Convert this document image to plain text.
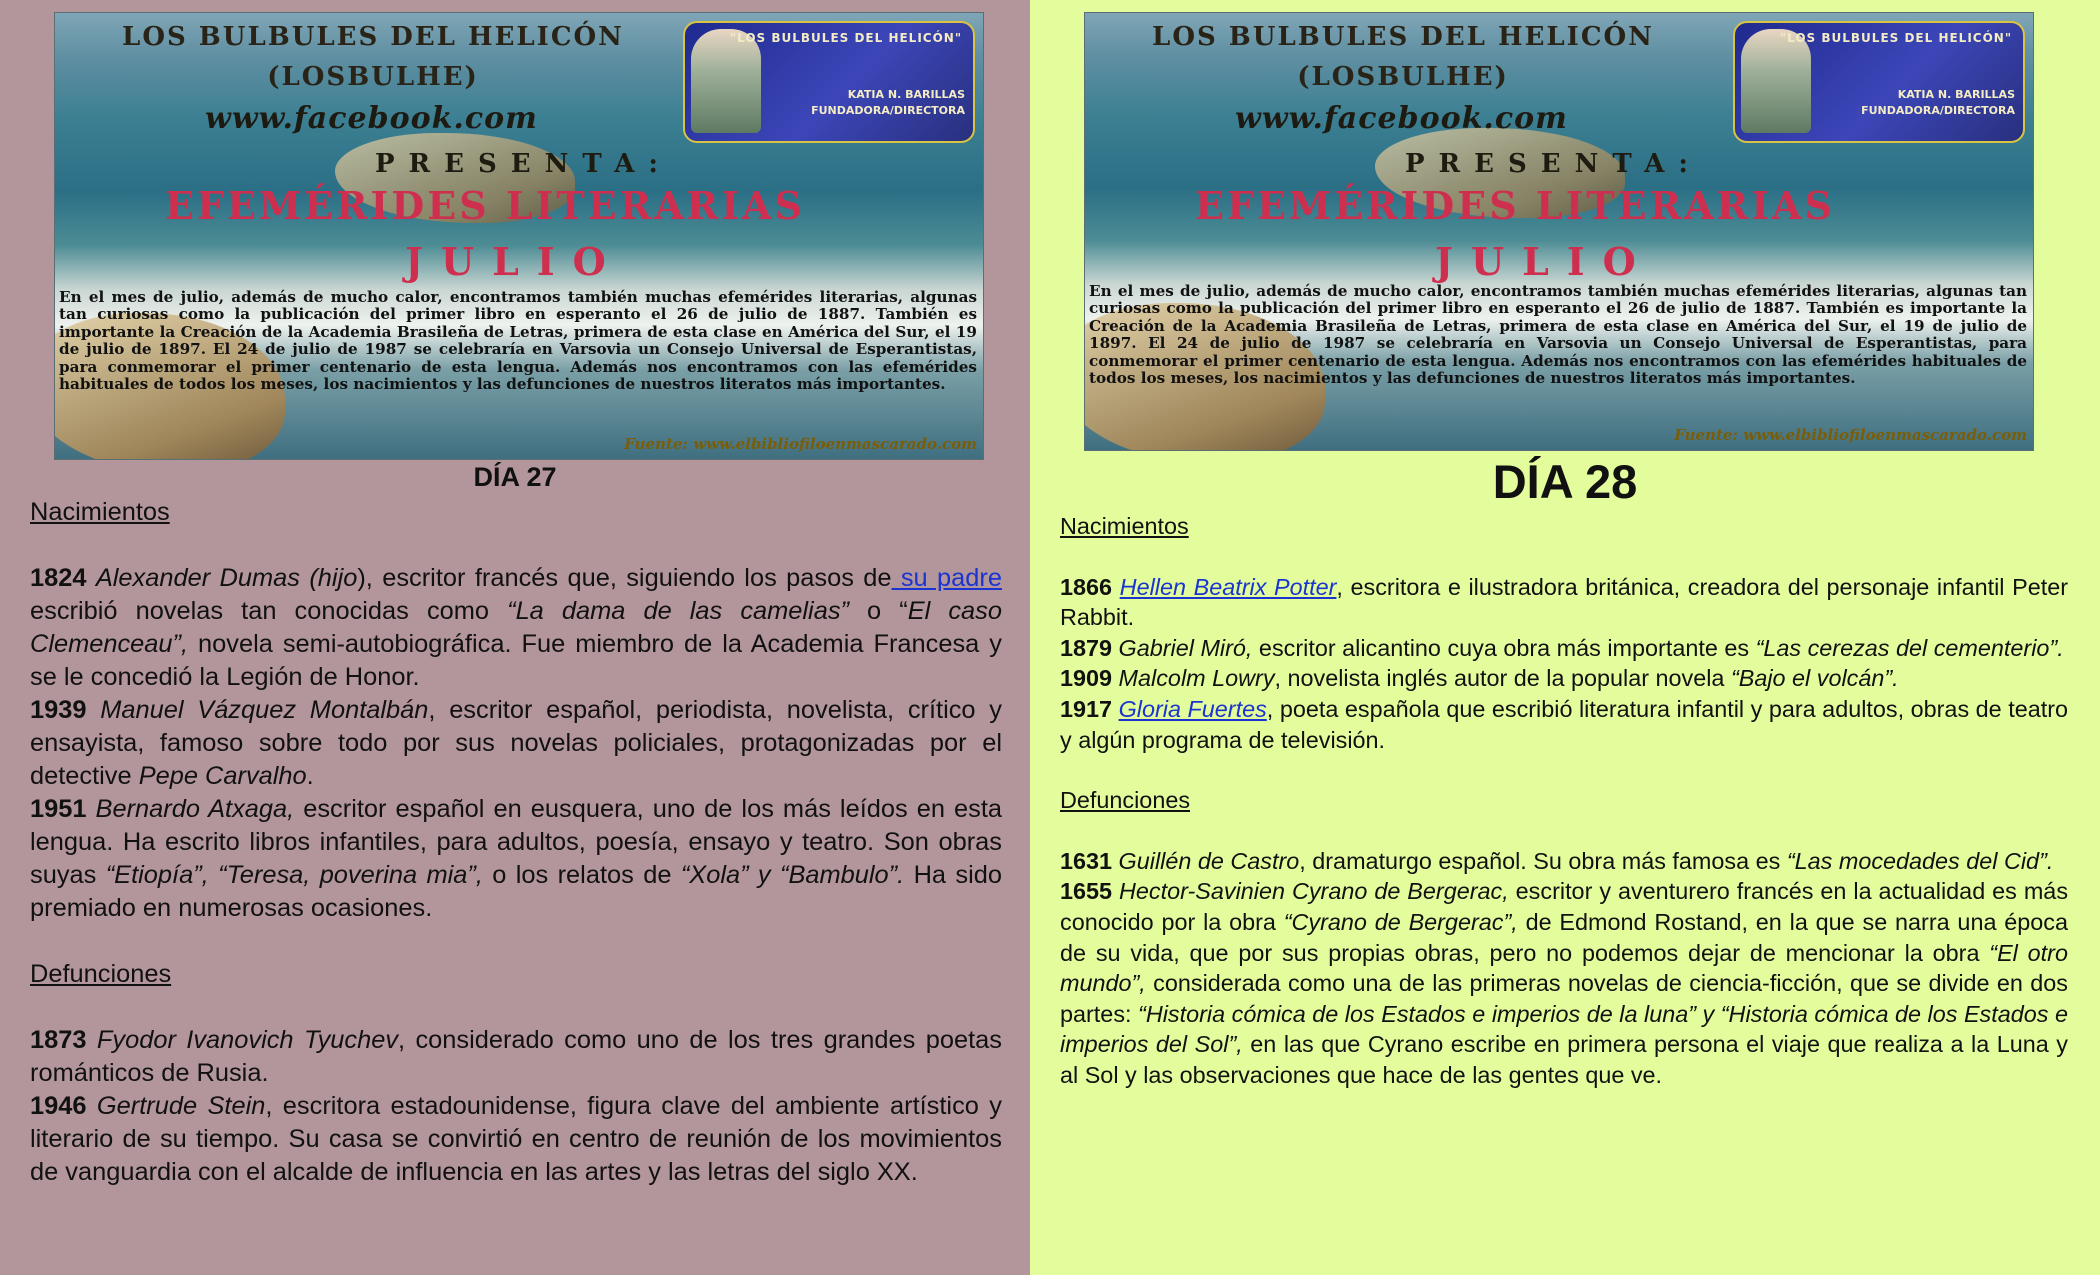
LOS BULBULES DEL HELICÓN
(LOSBULHE)
www.facebook.com
PRESENTA:
EFEMÉRIDES LITERARIAS
JULIO
"LOS BULBULES DEL HELICÓN"
KATIA N. BARILLAS
FUNDADORA/DIRECTORA
En el mes de julio, además de mucho calor, encontramos también muchas efemérides literarias, algunas tan curiosas como la publicación del primer libro en esperanto el 26 de julio de 1887. También es importante la Creación de la Academia Brasileña de Letras, primera de esta clase en América del Sur, el 19 de julio de 1897. El 24 de julio de 1987 se celebraría en Varsovia un Consejo Universal de Esperantistas, para conmemorar el primer centenario de esta lengua. Además nos encontramos con las efemérides habituales de todos los meses, los nacimientos y las defunciones de nuestros literatos más importantes.
Fuente: www.elbibliofiloenmascarado.com
DÍA 27
Nacimientos
1824 Alexander Dumas (hijo), escritor francés que, siguiendo los pasos de su padre escribió novelas tan conocidas como “La dama de las camelias” o “El caso Clemenceau”, novela semi-autobiográfica. Fue miembro de la Academia Francesa y se le concedió la Legión de Honor.
1939 Manuel Vázquez Montalbán, escritor español, periodista, novelista, crítico y ensayista, famoso sobre todo por sus novelas policiales, protagonizadas por el detective Pepe Carvalho.
1951 Bernardo Atxaga, escritor español en eusquera, uno de los más leídos en esta lengua. Ha escrito libros infantiles, para adultos, poesía, ensayo y teatro. Son obras suyas “Etiopía”, “Teresa, poverina mia”, o los relatos de “Xola” y “Bambulo”. Ha sido premiado en numerosas ocasiones.
Defunciones
1873 Fyodor Ivanovich Tyuchev, considerado como uno de los tres grandes poetas románticos de Rusia.
1946 Gertrude Stein, escritora estadounidense, figura clave del ambiente artístico y literario de su tiempo. Su casa se convirtió en centro de reunión de los movimientos de vanguardia con el alcalde de influencia en las artes y las letras del siglo XX.
LOS BULBULES DEL HELICÓN
(LOSBULHE)
www.facebook.com
PRESENTA:
EFEMÉRIDES LITERARIAS
JULIO
"LOS BULBULES DEL HELICÓN"
KATIA N. BARILLAS
FUNDADORA/DIRECTORA
En el mes de julio, además de mucho calor, encontramos también muchas efemérides literarias, algunas tan curiosas como la publicación del primer libro en esperanto el 26 de julio de 1887. También es importante la Creación de la Academia Brasileña de Letras, primera de esta clase en América del Sur, el 19 de julio de 1897. El 24 de julio de 1987 se celebraría en Varsovia un Consejo Universal de Esperantistas, para conmemorar el primer centenario de esta lengua. Además nos encontramos con las efemérides habituales de todos los meses, los nacimientos y las defunciones de nuestros literatos más importantes.
Fuente: www.elbibliofiloenmascarado.com
DÍA 28
Nacimientos
1866 Hellen Beatrix Potter, escritora e ilustradora británica, creadora del personaje infantil Peter Rabbit.
1879 Gabriel Miró, escritor alicantino cuya obra más importante es “Las cerezas del cementerio”.
1909 Malcolm Lowry, novelista inglés autor de la popular novela “Bajo el volcán”.
1917 Gloria Fuertes, poeta española que escribió literatura infantil y para adultos, obras de teatro y algún programa de televisión.
Defunciones
1631 Guillén de Castro, dramaturgo español. Su obra más famosa es “Las mocedades del Cid”.
1655 Hector-Savinien Cyrano de Bergerac, escritor y aventurero francés en la actualidad es más conocido por la obra “Cyrano de Bergerac”, de Edmond Rostand, en la que se narra una época de su vida, que por sus propias obras, pero no podemos dejar de mencionar la obra “El otro mundo”, considerada como una de las primeras novelas de ciencia-ficción, que se divide en dos partes: “Historia cómica de los Estados e imperios de la luna” y “Historia cómica de los Estados e imperios del Sol”, en las que Cyrano escribe en primera persona el viaje que realiza a la Luna y al Sol y las observaciones que hace de las gentes que ve.
